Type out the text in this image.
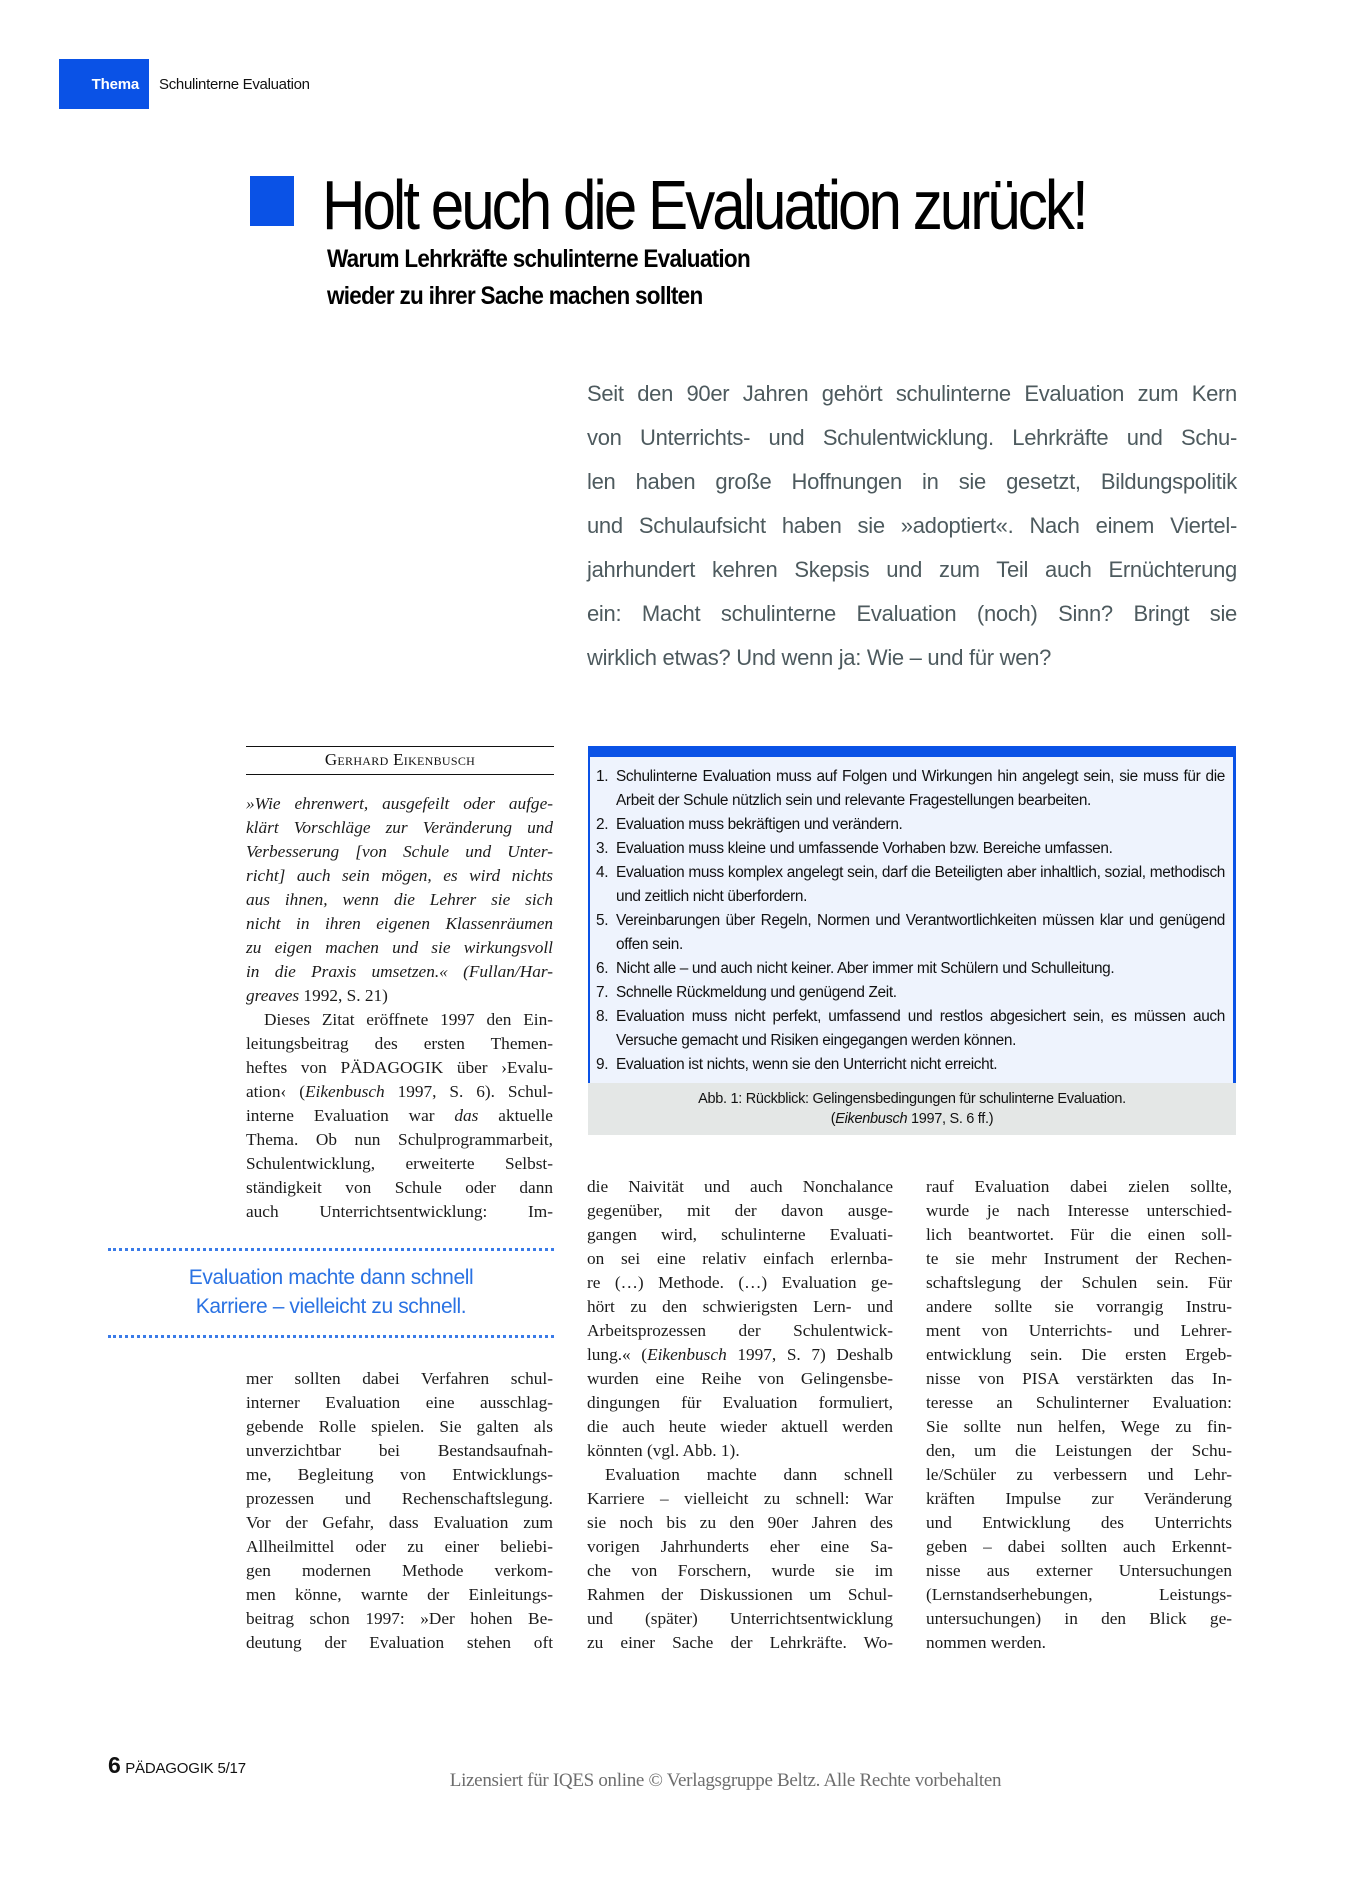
Thema	Schulinterne Evaluation
Holt euch die Evaluation zurück!
Warum Lehrkräfte schulinterne Evaluation
wieder zu ihrer Sache machen sollten

Seit den 90er Jahren gehört schulinterne Evaluation zum Kern
von Unterrichts- und Schulentwicklung. Lehrkräfte und Schu-
len haben große Hoffnungen in sie gesetzt, Bildungspolitik
und Schulaufsicht haben sie »adoptiert«. Nach einem Viertel-
jahrhundert kehren Skepsis und zum Teil auch Ernüchterung
ein: Macht schulinterne Evaluation (noch) Sinn? Bringt sie
wirklich etwas? Und wenn ja: Wie – und für wen?

Gerhard Eikenbusch
»Wie ehrenwert, ausgefeilt oder aufge-
klärt Vorschläge zur Veränderung und
Verbesserung [von Schule und Unter-
richt] auch sein mögen, es wird nichts
aus ihnen, wenn die Lehrer sie sich
nicht in ihren eigenen Klassenräumen
zu eigen machen und sie wirkungsvoll
in die Praxis umsetzen.« (Fullan/Har-
greaves 1992, S. 21)
Dieses Zitat eröffnete 1997 den Ein-
leitungsbeitrag des ersten Themen-
heftes von PÄDAGOGIK über ›Evalu-
ation‹ (Eikenbusch 1997, S. 6). Schul-
interne Evaluation war das aktuelle
Thema. Ob nun Schulprogrammarbeit,
Schulentwicklung, erweiterte Selbst-
ständigkeit von Schule oder dann
auch Unterrichtsentwicklung: Im-
Evaluation machte dann schnell
Karriere – vielleicht zu schnell.
mer sollten dabei Verfahren schul-
interner Evaluation eine ausschlag-
gebende Rolle spielen. Sie galten als
unverzichtbar bei Bestandsaufnah-
me, Begleitung von Entwicklungs-
prozessen und Rechenschaftslegung.
Vor der Gefahr, dass Evaluation zum
Allheilmittel oder zu einer beliebi-
gen modernen Methode verkom-
men könne, warnte der Einleitungs-
beitrag schon 1997: »Der hohen Be-
deutung der Evaluation stehen oft
1. Schulinterne Evaluation muss auf Folgen und Wirkungen hin angelegt sein, sie muss für die Arbeit der Schule nützlich sein und relevante Fragestellungen bearbeiten.
2. Evaluation muss bekräftigen und verändern.
3. Evaluation muss kleine und umfassende Vorhaben bzw. Bereiche umfassen.
4. Evaluation muss komplex angelegt sein, darf die Beteiligten aber inhaltlich, sozial, methodisch und zeitlich nicht überfordern.
5. Vereinbarungen über Regeln, Normen und Verantwortlichkeiten müssen klar und genügend offen sein.
6. Nicht alle – und auch nicht keiner. Aber immer mit Schülern und Schulleitung.
7. Schnelle Rückmeldung und genügend Zeit.
8. Evaluation muss nicht perfekt, umfassend und restlos abgesichert sein, es müssen auch Versuche gemacht und Risiken eingegangen werden können.
9. Evaluation ist nichts, wenn sie den Unterricht nicht erreicht.
Abb. 1: Rückblick: Gelingensbedingungen für schulinterne Evaluation.
(Eikenbusch 1997, S. 6 ff.)
die Naivität und auch Nonchalance
gegenüber, mit der davon ausge-
gangen wird, schulinterne Evaluati-
on sei eine relativ einfach erlernba-
re (…) Methode. (…) Evaluation ge-
hört zu den schwierigsten Lern- und
Arbeitsprozessen der Schulentwick-
lung.« (Eikenbusch 1997, S. 7) Deshalb
wurden eine Reihe von Gelingensbe-
dingungen für Evaluation formuliert,
die auch heute wieder aktuell werden
könnten (vgl. Abb. 1).
Evaluation machte dann schnell
Karriere – vielleicht zu schnell: War
sie noch bis zu den 90er Jahren des
vorigen Jahrhunderts eher eine Sa-
che von Forschern, wurde sie im
Rahmen der Diskussionen um Schul-
und (später) Unterrichtsentwicklung
zu einer Sache der Lehrkräfte. Wo-
rauf Evaluation dabei zielen sollte,
wurde je nach Interesse unterschied-
lich beantwortet. Für die einen soll-
te sie mehr Instrument der Rechen-
schaftslegung der Schulen sein. Für
andere sollte sie vorrangig Instru-
ment von Unterrichts- und Lehrer-
entwicklung sein. Die ersten Ergeb-
nisse von PISA verstärkten das In-
teresse an Schulinterner Evaluation:
Sie sollte nun helfen, Wege zu fin-
den, um die Leistungen der Schu-
le/Schüler zu verbessern und Lehr-
kräften Impulse zur Veränderung
und Entwicklung des Unterrichts
geben – dabei sollten auch Erkennt-
nisse aus externer Untersuchungen
(Lernstandserhebungen, Leistungs-
untersuchungen) in den Blick ge-
nommen werden.
6 PÄDAGOGIK 5/17
Lizensiert für IQES online © Verlagsgruppe Beltz. Alle Rechte vorbehalten
